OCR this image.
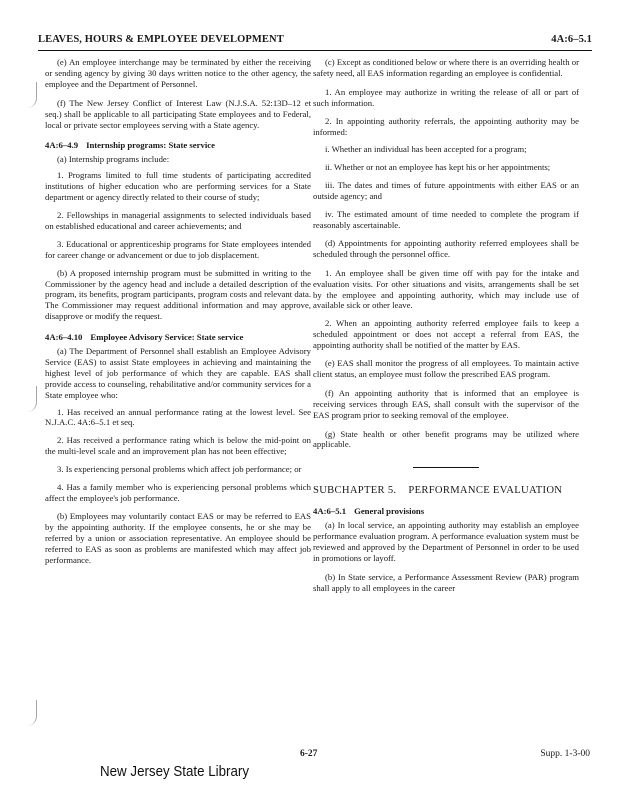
LEAVES, HOURS & EMPLOYEE DEVELOPMENT	4A:6–5.1

(e) An employee interchange may be terminated by either the receiving or sending agency by giving 30 days written notice to the other agency, the employee and the Department of Personnel.

(f) The New Jersey Conflict of Interest Law (N.J.S.A. 52:13D–12 et seq.) shall be applicable to all participating State employees and to Federal, local or private sector employees serving with a State agency.

4A:6–4.9 Internship programs: State service

(a) Internship programs include:

1. Programs limited to full time students of participating accredited institutions of higher education who are performing services for a State department or agency directly related to their course of study;

2. Fellowships in managerial assignments to selected individuals based on established educational and career achievements; and

3. Educational or apprenticeship programs for State employees intended for career change or advancement or due to job displacement.

(b) A proposed internship program must be submitted in writing to the Commissioner by the agency head and include a detailed description of the program, its benefits, program participants, program costs and relevant data. The Commissioner may request additional information and may approve, disapprove or modify the request.

4A:6–4.10 Employee Advisory Service: State service

(a) The Department of Personnel shall establish an Employee Advisory Service (EAS) to assist State employees in achieving and maintaining the highest level of job performance of which they are capable. EAS shall provide access to counseling, rehabilitative and/or community services for a State employee who:

1. Has received an annual performance rating at the lowest level. See N.J.A.C. 4A:6–5.1 et seq.

2. Has received a performance rating which is below the mid-point on the multi-level scale and an improvement plan has not been effective;

3. Is experiencing personal problems which affect job performance; or

4. Has a family member who is experiencing personal problems which affect the employee's job performance.

(b) Employees may voluntarily contact EAS or may be referred to EAS by the appointing authority. If the employee consents, he or she may be referred by a union or association representative. An employee should be referred to EAS as soon as problems are manifested which may affect job performance.

(c) Except as conditioned below or where there is an overriding health or safety need, all EAS information regarding an employee is confidential.

1. An employee may authorize in writing the release of all or part of such information.

2. In appointing authority referrals, the appointing authority may be informed:

i. Whether an individual has been accepted for a program;

ii. Whether or not an employee has kept his or her appointments;

iii. The dates and times of future appointments with either EAS or an outside agency; and

iv. The estimated amount of time needed to complete the program if reasonably ascertainable.

(d) Appointments for appointing authority referred employees shall be scheduled through the personnel office.

1. An employee shall be given time off with pay for the intake and evaluation visits. For other situations and visits, arrangements shall be set by the employee and appointing authority, which may include use of available sick or other leave.

2. When an appointing authority referred employee fails to keep a scheduled appointment or does not accept a referral from EAS, the appointing authority shall be notified of the matter by EAS.

(e) EAS shall monitor the progress of all employees. To maintain active client status, an employee must follow the prescribed EAS program.

(f) An appointing authority that is informed that an employee is receiving services through EAS, shall consult with the supervisor of the EAS program prior to seeking removal of the employee.

(g) State health or other benefit programs may be utilized where applicable.

SUBCHAPTER 5. PERFORMANCE EVALUATION
4A:6–5.1 General provisions

(a) In local service, an appointing authority may establish an employee performance evaluation program. A performance evaluation system must be reviewed and approved by the Department of Personnel in order to be used in promotions or layoff.

(b) In State service, a Performance Assessment Review (PAR) program shall apply to all employees in the career

6-27	Supp. 1-3-00
New Jersey State Library
